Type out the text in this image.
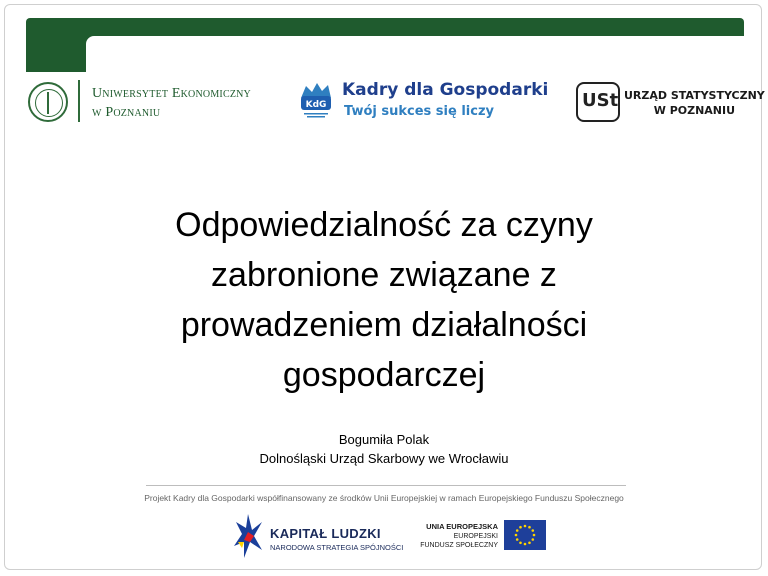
Uniwersytet Ekonomiczny
w Poznaniu	KdG
Kadry dla Gospodarki
Twój sukces się liczy
USt URZĄD STATYSTYCZNY
W POZNANIU
Odpowiedzialność za czyny
zabronione związane z
prowadzeniem działalności
gospodarczej
Bogumiła Polak
Dolnośląski Urząd Skarbowy we Wrocławiu
Projekt Kadry dla Gospodarki współfinansowany ze środków Unii Europejskiej w ramach Europejskiego Funduszu Społecznego
KAPITAŁ LUDZKI
NARODOWA STRATEGIA SPÓJNOŚCI
UNIA EUROPEJSKA
EUROPEJSKI
FUNDUSZ SPOŁECZNY
